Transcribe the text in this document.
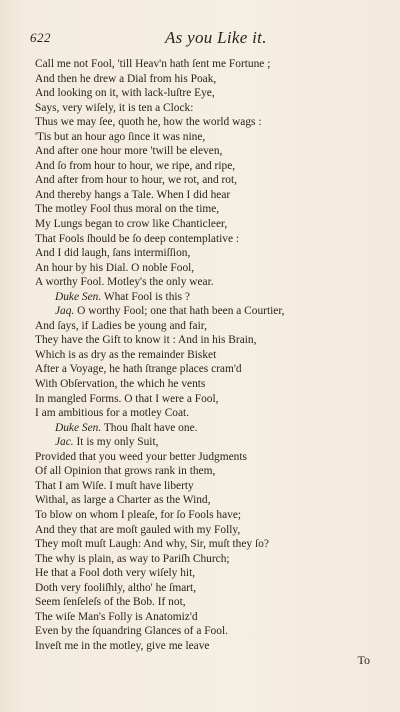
622	As you Like it.
Call me not Fool, 'till Heav'n hath ſent me Fortune ;
And then he drew a Dial from his Poak,
And looking on it, with lack-luſtre Eye,
Says, very wiſely, it is ten a Clock:
Thus we may ſee, quoth he, how the world wags :
'Tis but an hour ago ſince it was nine,
And after one hour more 'twill be eleven,
And ſo from hour to hour, we ripe, and ripe,
And after from hour to hour, we rot, and rot,
And thereby hangs a Tale. When I did hear
The motley Fool thus moral on the time,
My Lungs began to crow like Chanticleer,
That Fools ſhould be ſo deep contemplative :
And I did laugh, ſans intermiſſion,
An hour by his Dial. O noble Fool,
A worthy Fool. Motley's the only wear.
Duke Sen. What Fool is this ?
Jaq. O worthy Fool; one that hath been a Courtier,
And ſays, if Ladies be young and fair,
They have the Gift to know it : And in his Brain,
Which is as dry as the remainder Bisket
After a Voyage, he hath ſtrange places cram'd
With Obſervation, the which he vents
In mangled Forms. O that I were a Fool,
I am ambitious for a motley Coat.
Duke Sen. Thou ſhalt have one.
Jac. It is my only Suit,
Provided that you weed your better Judgments
Of all Opinion that grows rank in them,
That I am Wiſe. I muſt have liberty
Withal, as large a Charter as the Wind,
To blow on whom I pleaſe, for ſo Fools have;
And they that are moſt gauled with my Folly,
They moſt muſt Laugh: And why, Sir, muſt they ſo?
The why is plain, as way to Pariſh Church;
He that a Fool doth very wiſely hit,
Doth very fooliſhly, altho' he ſmart,
Seem ſenſeleſs of the Bob. If not,
The wiſe Man's Folly is Anatomiz'd
Even by the ſquandring Glances of a Fool.
Inveſt me in the motley, give me leave
To
